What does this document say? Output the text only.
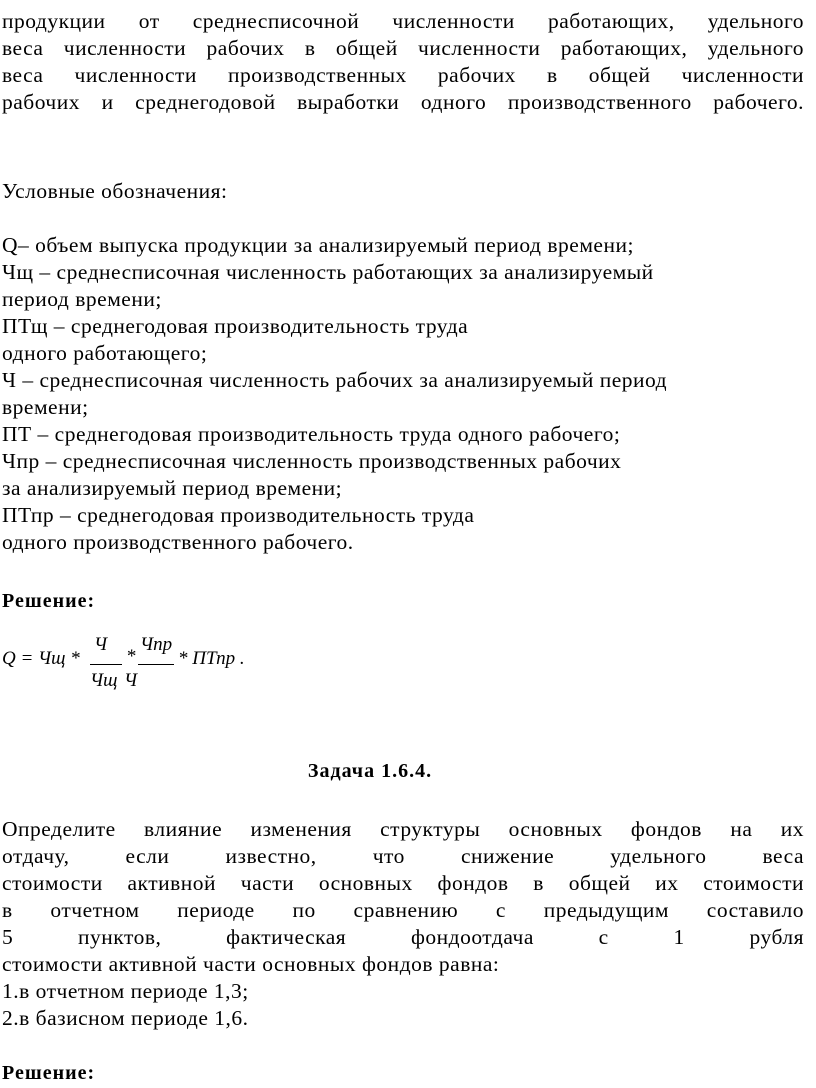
продукции от среднесписочной численности работающих, удельного
веса численности рабочих в общей численности работающих, удельного
веса численности производственных рабочих в общей численности
рабочих и среднегодовой выработки одного производственного рабочего.

Условные обозначения:

Q– объем выпуска продукции за анализируемый период времени;
Чщ – среднесписочная численность работающих за анализируемый
период времени;
ПТщ – среднегодовая производительность труда
одного работающего;
Ч – среднесписочная численность рабочих за анализируемый период
времени;
ПТ – среднегодовая производительность труда одного рабочего;
Чпр – среднесписочная численность производственных рабочих
за анализируемый период времени;
ПТпр – среднегодовая производительность труда
одного производственного рабочего.

Решение:

Q = Чщ *
Ч
Чщ
*
Чпр
Ч
* ПТпр .

Задача 1.6.4.

Определите влияние изменения структуры основных фондов на их
отдачу, если известно, что снижение удельного веса
стоимости активной части основных фондов в общей их стоимости
в отчетном периоде по сравнению с предыдущим составило
5 пунктов, фактическая фондоотдача с 1 рубля
стоимости активной части основных фондов равна:
1.в отчетном периоде 1,3;
2.в базисном периоде 1,6.

Решение:
